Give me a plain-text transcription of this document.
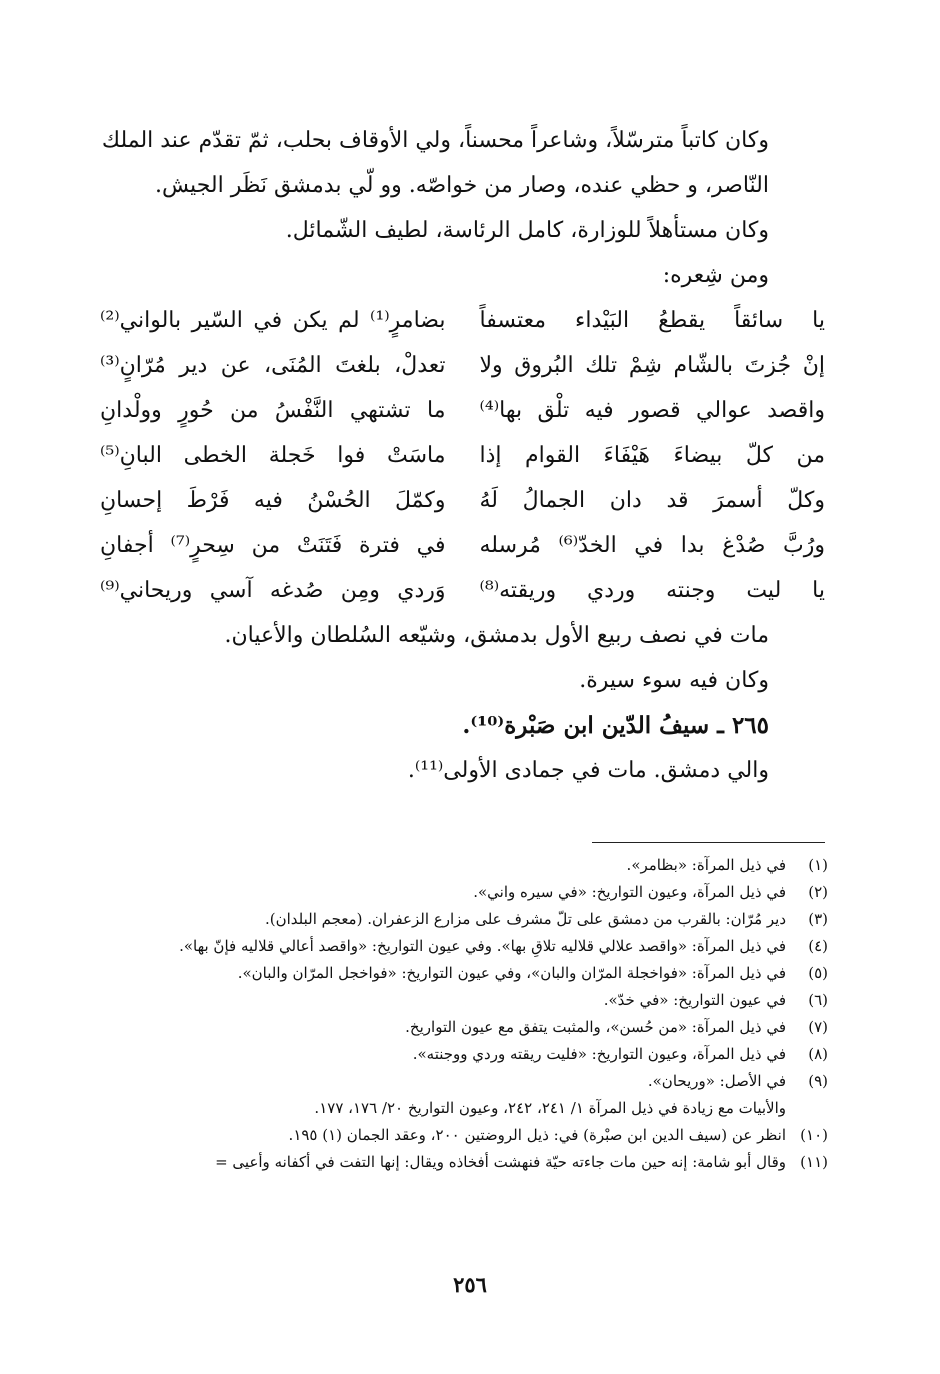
وكان كاتباً مترسّلاً، وشاعراً محسناً، ولي الأوقاف بحلب، ثمّ تقدّم عند الملك النّاصر، و حظي عنده، وصار من خواصّه. وو لّي بدمشق نَظَر الجيش.

وكان مستأهلاً للوزارة، كامل الرئاسة، لطيف الشّمائل.

ومن شِعره:

يا سائقاً يقطعُ البَيْداء معتسفاً
بضامرٍ⁽¹⁾ لم يكن في السّير بالواني⁽²⁾
إنْ جُزتَ بالشّام شِمْ تلك البُروق ولا
تعدلْ، بلغتَ المُنَى، عن دير مُرّانٍ⁽³⁾
واقصد عوالي قصور فيه تلْق بها⁽⁴⁾
ما تشتهي النَّفْسُ من حُورٍ وولْدانِ
من كلّ بيضاءَ هَيْفَاءَ القوام إذا
ماسَتْ فوا خَجلة الخطى البانِ⁽⁵⁾
وكلّ أسمرَ قد دان الجمالُ لَهُ
وكمّلَ الحُسْنُ فيه فَرْطَ إحسانِ
ورُبَّ صُدْغ بدا في الخدّ⁽⁶⁾ مُرسله
في فترة فَتَنَتْ من سِحرٍ⁽⁷⁾ أجفانِ
يا ليت وجنته وردي وريقته⁽⁸⁾
وَردي ومِن صُدغه آسي وريحاني⁽⁹⁾

مات في نصف ربيع الأول بدمشق، وشيّعه السُلطان والأعيان.

وكان فيه سوء سيرة.

٢٦٥ ـ سيفُ الدّين ابن صَبْرة⁽¹⁰⁾.

والي دمشق. مات في جمادى الأولى⁽¹¹⁾.

(١)
في ذيل المرآة: «بظامر».
(٢)
في ذيل المرآة، وعيون التواريخ: «في سيره واني».
(٣)
دير مُرّان: بالقرب من دمشق على تلّ مشرف على مزارع الزعفران. (معجم البلدان).
(٤)
في ذيل المرآة: «واقصد علالي قلاليه تلاقِ بها». وفي عيون التواريخ: «واقصد أعالي قلاليه فإنّ بها».
(٥)
في ذيل المرآة: «فواخجلة المرّان والبان»، وفي عيون التواريخ: «فواخجل المرّان والبان».
(٦)
في عيون التواريخ: «في خدّ».
(٧)
في ذيل المرآة: «من حُسن»، والمثبت يتفق مع عيون التواريخ.
(٨)
في ذيل المرآة، وعيون التواريخ: «فليت ريقته وردي ووجنته».
(٩)
في الأصل: «وريحان».
والأبيات مع زيادة في ذيل المرآة ١/ ٢٤١، ٢٤٢، وعيون التواريخ ٢٠/ ١٧٦، ١٧٧.
(١٠)
انظر عن (سيف الدين ابن صبْرة) في: ذيل الروضتين ٢٠٠، وعقد الجمان (١) ١٩٥.
(١١)
وقال أبو شامة: إنه حين مات جاءته حيّة فنهشت أفخاذه ويقال: إنها التفت في أكفانه وأعيى =
٢٥٦
